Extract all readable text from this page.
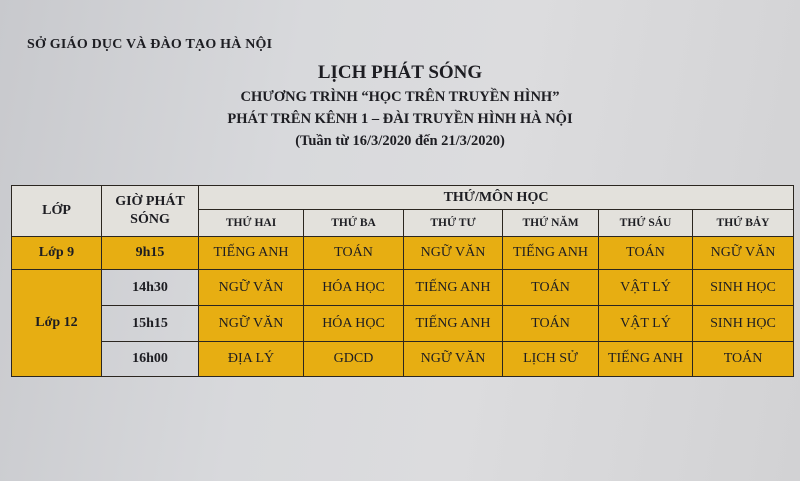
SỞ GIÁO DỤC VÀ ĐÀO TẠO HÀ NỘI
LỊCH PHÁT SÓNG
CHƯƠNG TRÌNH “HỌC TRÊN TRUYỀN HÌNH”
PHÁT TRÊN KÊNH 1 – ĐÀI TRUYỀN HÌNH HÀ NỘI
(Tuần từ 16/3/2020 đến 21/3/2020)
LỚP	GIỜ PHÁT SÓNG	THỨ/MÔN HỌC					
		THỨ HAI	THỨ BA	THỨ TƯ	THỨ NĂM	THỨ SÁU	THỨ BẢY
Lớp 9	9h15	TIẾNG ANH	TOÁN	NGỮ VĂN	TIẾNG ANH	TOÁN	NGỮ VĂN
Lớp 12	14h30	NGỮ VĂN	HÓA HỌC	TIẾNG ANH	TOÁN	VẬT LÝ	SINH HỌC
	15h15	NGỮ VĂN	HÓA HỌC	TIẾNG ANH	TOÁN	VẬT LÝ	SINH HỌC
	16h00	ĐỊA LÝ	GDCD	NGỮ VĂN	LỊCH SỬ	TIẾNG ANH	TOÁN
